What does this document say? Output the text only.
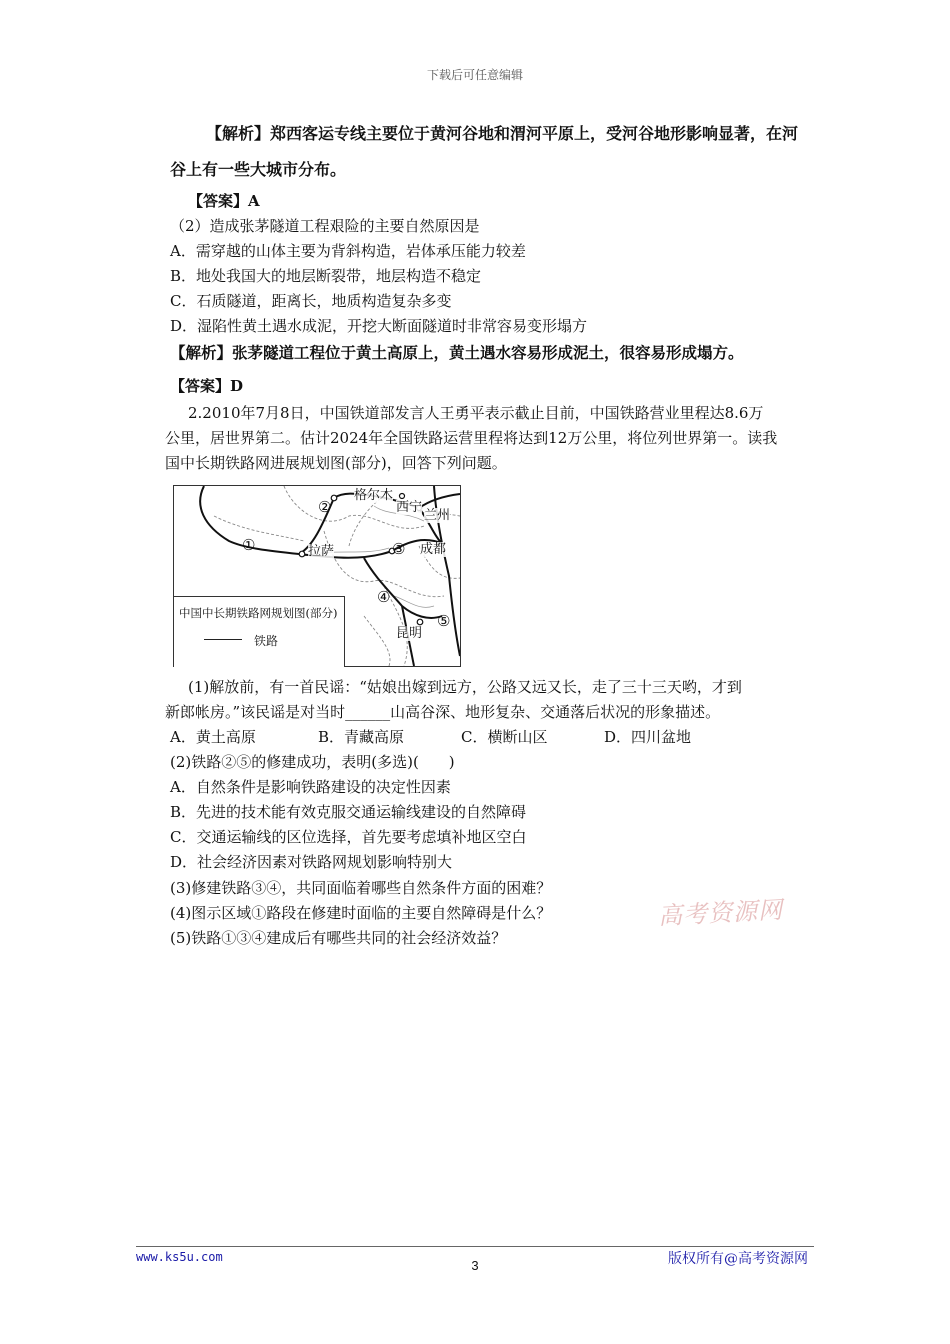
下载后可任意编辑
【解析】郑西客运专线主要位于黄河谷地和渭河平原上，受河谷地形影响显著，在河
谷上有一些大城市分布。
【答案】A
（2）造成张茅隧道工程艰险的主要自然原因是
A．需穿越的山体主要为背斜构造，岩体承压能力较差
B．地处我国大的地层断裂带，地层构造不稳定
C．石质隧道，距离长，地质构造复杂多变
D．湿陷性黄土遇水成泥，开挖大断面隧道时非常容易变形塌方
【解析】张茅隧道工程位于黄土高原上，黄土遇水容易形成泥土，很容易形成塌方。
【答案】D
2.2010年7月8日，中国铁道部发言人王勇平表示截止目前，中国铁路营业里程达8.6万
公里，居世界第二。估计2024年全国铁路运营里程将达到12万公里，将位列世界第一。读我
国中长期铁路网进展规划图(部分)，回答下列问题。
格尔木
西宁
兰州
拉萨	成都
昆明
①
②
③
④
⑤
中国中长期铁路网规划图(部分)
铁路
(1)解放前，有一首民谣：“姑娘出嫁到远方，公路又远又长，走了三十三天哟，才到
新郎帐房。”该民谣是对当时______山高谷深、地形复杂、交通落后状况的形象描述。
A．黄土高原	B．青藏高原	C．横断山区	D．四川盆地
(2)铁路②⑤的修建成功，表明(多选)(　　)
A．自然条件是影响铁路建设的决定性因素
B．先进的技术能有效克服交通运输线建设的自然障碍
C．交通运输线的区位选择，首先要考虑填补地区空白
D．社会经济因素对铁路网规划影响特别大
(3)修建铁路③④，共同面临着哪些自然条件方面的困难？
(4)图示区域①路段在修建时面临的主要自然障碍是什么？
(5)铁路①③④建成后有哪些共同的社会经济效益？
高考资源网
www.ks5u.com
3	版权所有@高考资源网
